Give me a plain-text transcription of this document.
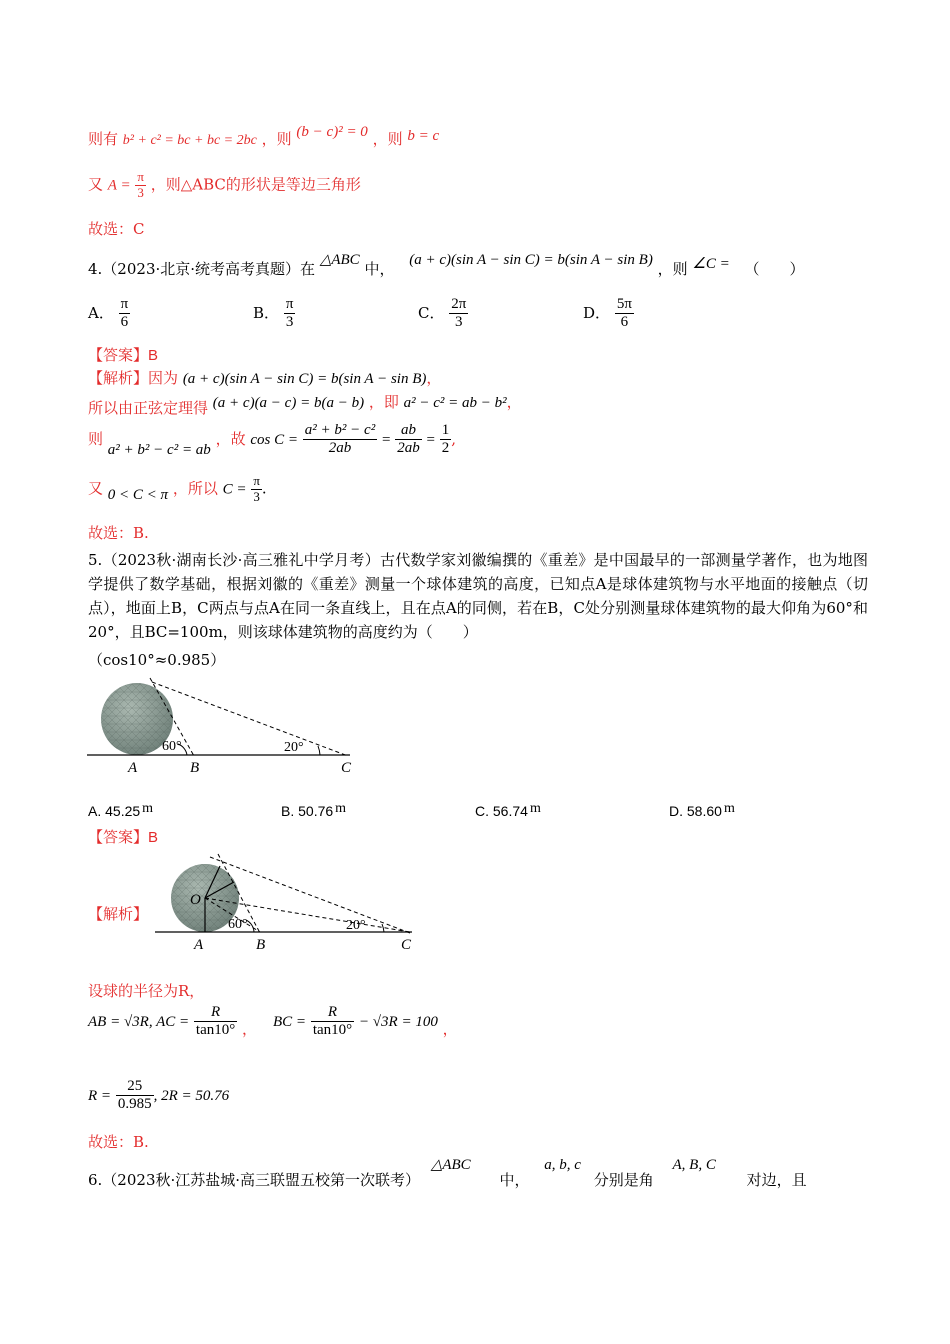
则有 b² + c² = bc + bc = 2bc ，则 (b − c)² = 0 ，则 b = c
又 $A = \frac{\pi}{3}$ ，则△ABC的形状是等边三角形
故选：C
4.（2023·北京·统考高考真题）在 △ABC 中， (a + c)(sin A − sin C) = b(sin A − sin B) ，则 ∠C = （　　）
A． $\frac{\pi}{6}$	B． $\frac{\pi}{3}$	C． $\frac{2\pi}{3}$	D． $\frac{5\pi}{6}$
【答案】B
【解析】因为 (a + c)(sin A − sin C) = b(sin A − sin B)，
所以由正弦定理得 (a + c)(a − c) = b(a − b) ，即 a² − c² = ab − b²，
则 a² + b² − c² = ab ，故 $\cos C = \frac{\text{a² + b² − c²}}{2ab} = \frac{ab}{2ab} = \frac{1}{2}$ ,
又 0 < C < π ，所以 $C = \frac{\pi}{3}$ .
故选：B.
5.（2023秋·湖南长沙·高三雅礼中学月考）古代数学家刘徽编撰的《重差》是中国最早的一部测量学著作，也为地图学提供了数学基础，根据刘徽的《重差》测量一个球体建筑的高度，已知点A是球体建筑物与水平地面的接触点（切点），地面上B，C两点与点A在同一条直线上，且在点A的同侧，若在B，C处分别测量球体建筑物的最大仰角为60°和20°，且BC=100m，则该球体建筑物的高度约为（　　）
（cos10°≈0.985）
60°	20°
A	B	C
A. 45.25 m	B. 50.76 m	C. 56.74 m	D. 58.60 m
【答案】B
【解析】
O
60°	20°
A	B	C
设球的半径为R，
AB = √3R, AC = $\frac{R}{\tan 10^\circ}$ ， BC = $\frac{R}{\tan 10^\circ} - √3R = 100$ ，
$R = \frac{25}{0.985}$ , 2R = 50.76
故选：B.
6.（2023秋·江苏盐城·高三联盟五校第一次联考） △ABC 中， a, b, c 分别是角 A, B, C 对边，且
